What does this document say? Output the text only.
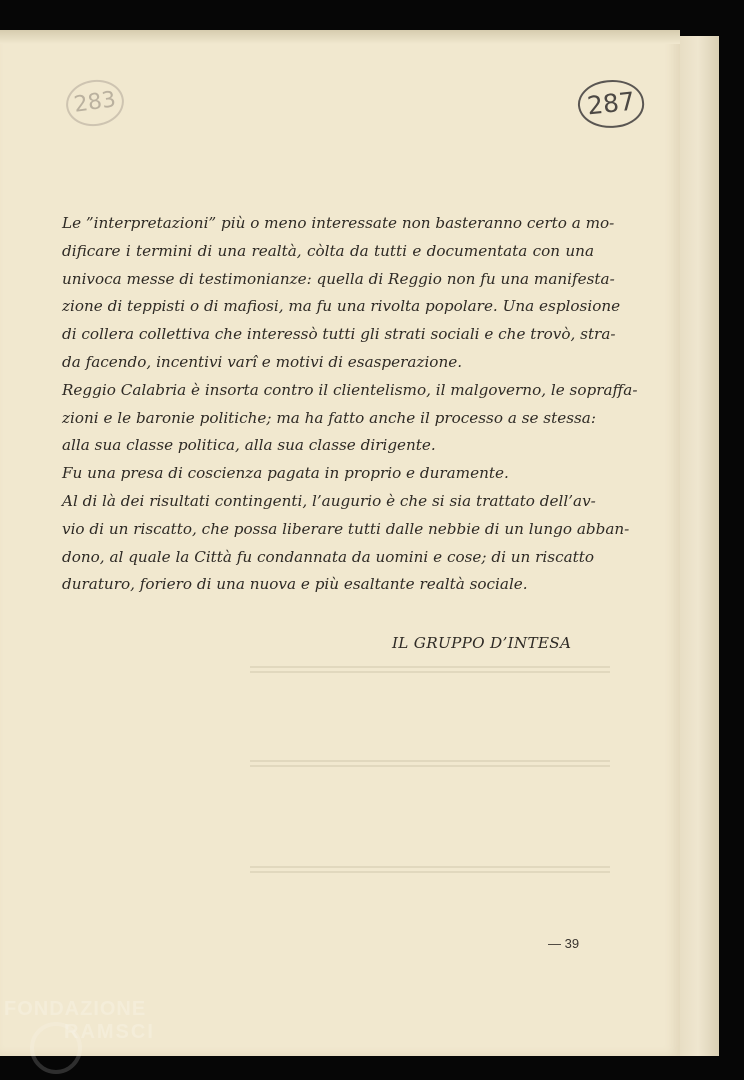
283	287
Le ”interpretazioni” più o meno interessate non basteranno certo a mo-
dificare i termini di una realtà, còlta da tutti e documentata con una
univoca messe di testimonianze: quella di Reggio non fu una manifesta-
zione di teppisti o di mafiosi, ma fu una rivolta popolare. Una esplosione
di collera collettiva che interessò tutti gli strati sociali e che trovò, stra-
da facendo, incentivi varî e motivi di esasperazione.
Reggio Calabria è insorta contro il clientelismo, il malgoverno, le sopraffa-
zioni e le baronie politiche; ma ha fatto anche il processo a se stessa:
alla sua classe politica, alla sua classe dirigente.
Fu una presa di coscienza pagata in proprio e duramente.
Al di là dei risultati contingenti, l’augurio è che si sia trattato dell’av-
vio di un riscatto, che possa liberare tutti dalle nebbie di un lungo abban-
dono, al quale la Città fu condannata da uomini e cose; di un riscatto
duraturo, foriero di una nuova e più esaltante realtà sociale.
IL GRUPPO D’INTESA
— 39
FONDAZIONE
RAMSCI
